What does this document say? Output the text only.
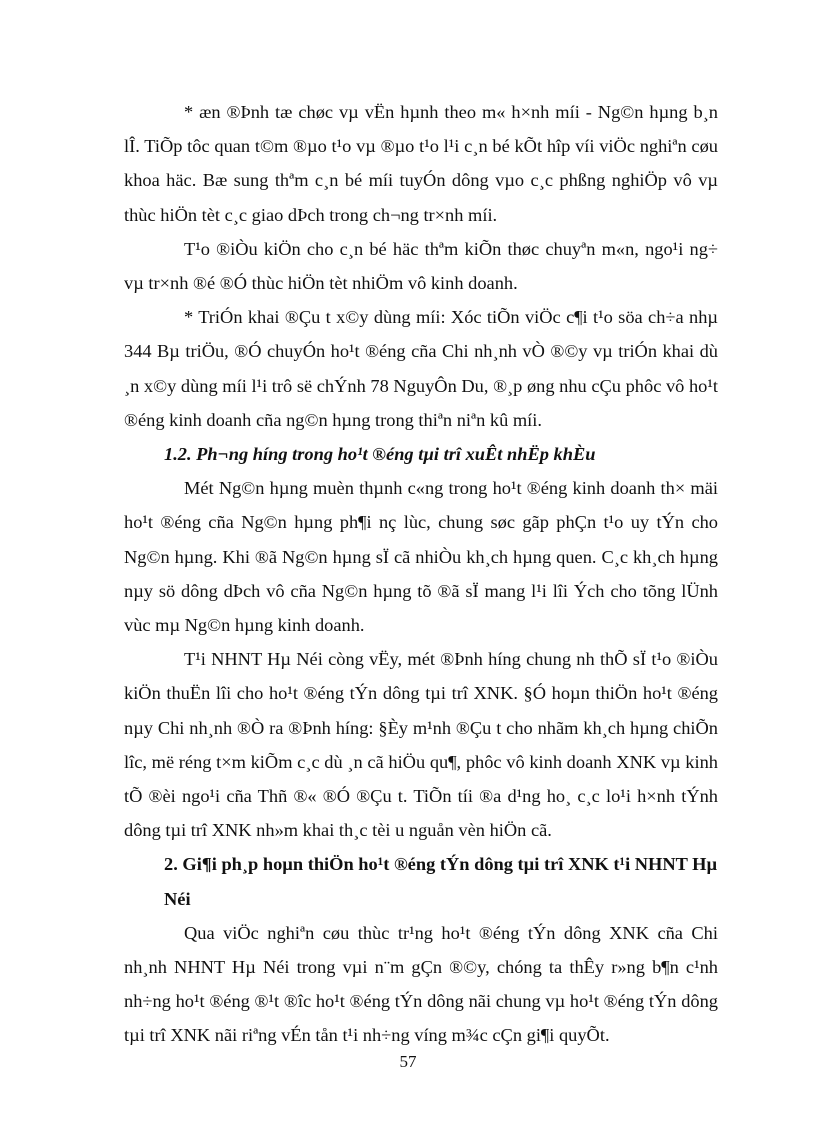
* æn ®Þnh tæ chøc vµ vËn hµnh theo m« h×nh míi - Ng©n hµng b¸n lÎ. TiÕp tôc quan t©m ®µo t¹o vµ ®µo t¹o l¹i c¸n bé kÕt hîp víi viÖc nghiªn cøu khoa häc. Bæ sung thªm c¸n bé míi tuyÓn dông vµo c¸c phßng nghiÖp vô vµ thùc hiÖn tèt c¸c giao dÞch trong ch¬ng tr×nh míi.

T¹o ®iÒu kiÖn cho c¸n bé häc thªm kiÕn thøc chuyªn m«n, ngo¹i ng÷ vµ tr×nh ®é ®Ó thùc hiÖn tèt nhiÖm vô kinh doanh.

* TriÓn khai ®Çu t x©y dùng míi: Xóc tiÕn viÖc c¶i t¹o söa ch÷a nhµ 344 Bµ triÖu, ®Ó chuyÓn ho¹t ®éng cña Chi nh¸nh vÒ ®©y vµ triÓn khai dù ¸n x©y dùng míi l¹i trô së chÝnh 78 NguyÔn Du, ®¸p øng nhu cÇu phôc vô ho¹t ®éng kinh doanh cña ng©n hµng trong thiªn niªn kû míi.

1.2. Ph¬ng híng trong ho¹t ®éng tµi trî xuÊt nhËp khÈu

Mét Ng©n hµng muèn thµnh c«ng trong ho¹t ®éng kinh doanh th× mäi ho¹t ®éng cña Ng©n hµng ph¶i nç lùc, chung søc gãp phÇn t¹o uy tÝn cho Ng©n hµng. Khi ®ã Ng©n hµng sÏ cã nhiÒu kh¸ch hµng quen. C¸c kh¸ch hµng nµy sö dông dÞch vô cña Ng©n hµng tõ ®ã sÏ mang l¹i lîi Ých cho tõng lÜnh vùc mµ Ng©n hµng kinh doanh.

T¹i NHNT Hµ Néi còng vËy, mét ®Þnh híng chung nh thÕ sÏ t¹o ®iÒu kiÖn thuËn lîi cho ho¹t ®éng tÝn dông tµi trî XNK. §Ó hoµn thiÖn ho¹t ®éng nµy Chi nh¸nh ®Ò ra ®Þnh híng: §Èy m¹nh ®Çu t cho nhãm kh¸ch hµng chiÕn lîc, më réng t×m kiÕm c¸c dù ¸n cã hiÖu qu¶, phôc vô kinh doanh XNK vµ kinh tÕ ®èi ngo¹i cña Thñ ®« ®Ó ®Çu t. TiÕn tíi ®a d¹ng ho¸ c¸c lo¹i h×nh tÝnh dông tµi trî XNK nh»m khai th¸c tèi u nguån vèn hiÖn cã.

2. Gi¶i ph¸p hoµn thiÖn ho¹t ®éng tÝn dông tµi trî XNK t¹i NHNT Hµ Néi

Qua viÖc nghiªn cøu thùc tr¹ng ho¹t ®éng tÝn dông XNK cña Chi nh¸nh NHNT Hµ Néi trong vµi n¨m gÇn ®©y, chóng ta thÊy r»ng b¶n c¹nh nh÷ng ho¹t ®éng ®¹t ®îc ho¹t ®éng tÝn dông nãi chung vµ ho¹t ®éng tÝn dông tµi trî XNK nãi riªng vÉn tån t¹i nh÷ng víng m¾c cÇn gi¶i quyÕt.

57
